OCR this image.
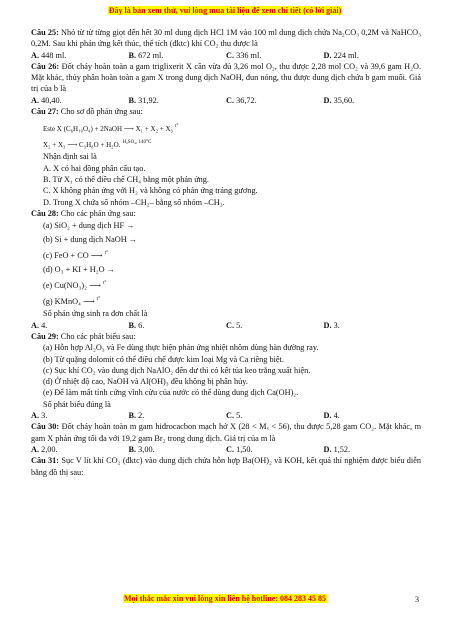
Đây là bản xem thử, vui lòng mua tài liệu để xem chi tiết (có lời giải)

Câu 25: Nhỏ từ từ từng giọt đến hết 30 ml dung dịch HCl 1M vào 100 ml dung dịch chứa Na₂CO₃ 0,2M và NaHCO₃ 0,2M. Sau khi phản ứng kết thúc, thể tích (đktc) khí CO₂ thu được là

A. 448 ml.	B. 672 ml.	C. 336 ml.	D. 224 ml.

Câu 26: Đốt cháy hoàn toàn a gam triglixerit X cần vừa đủ 3,26 mol O₂, thu được 2,28 mol CO₂ và 39,6 gam H₂O. Mặt khác, thủy phân hoàn toàn a gam X trong dung dịch NaOH, đun nóng, thu được dung dịch chứa b gam muối. Giá trị của b là

A. 40,40.	B. 31,92.	C. 36,72.	D. 35,60.

Câu 27: Cho sơ đồ phản ứng sau:

Este X (C₆H₁₀O₄) + 2NaOH ⟶ X₁ + X₂ + X₃ $^{t^\circ}$

X₂ + X₃ ⟶ C₃H₈O + H₂O. $^{H_2SO_4, 140^\circ C}$

Nhận định sai là

A. X có hai đồng phân cấu tạo.

B. Từ X₁ có thể điều chế CH₄ bằng một phản ứng.

C. X không phản ứng với H₂ và không có phản ứng tráng gương.

D. Trong X chứa số nhóm –CH₂– bằng số nhóm –CH₃.

Câu 28: Cho các phản ứng sau:

(a) SiO₂ + dung dịch HF →

(b) Si + dung dịch NaOH →

(c) FeO + CO ⟶ $^{t^\circ}$

(d) O₃ + KI + H₂O →

(e) Cu(NO₃)₂ ⟶ $^{t^\circ}$

(g) KMnO₄ ⟶ $^{t^\circ}$

Số phản ứng sinh ra đơn chất là

A. 4.	B. 6.	C. 5.	D. 3.

Câu 29: Cho các phát biểu sau:

(a) Hỗn hợp Al₂O₃ và Fe dùng thực hiện phản ứng nhiệt nhôm dùng hàn đường ray.

(b) Từ quặng dolomit có thể điều chế được kim loại Mg và Ca riêng biệt.

(c) Sục khí CO₂ vào dung dịch NaAlO₂ đến dư thì có kết tủa keo trắng xuất hiện.

(d) Ở nhiệt độ cao, NaOH và Al(OH)₃ đều không bị phân hủy.

(e) Để làm mất tính cứng vĩnh cửu của nước có thể dùng dung dịch Ca(OH)₂.

Số phát biểu đúng là

A. 3.	B. 2.	C. 5.	D. 4.

Câu 30: Đốt cháy hoàn toàn m gam hiđrocacbon mạch hở X (28 < Mₓ < 56), thu được 5,28 gam CO₂. Mặt khác, m gam X phản ứng tối đa với 19,2 gam Br₂ trong dung dịch. Giá trị của m là

A. 2,00.	B. 3,00.	C. 1,50.	D. 1,52.

Câu 31: Sục V lít khí CO₂ (đktc) vào dung dịch chứa hỗn hợp Ba(OH)₂ và KOH, kết quả thí nghiệm được biểu diễn bằng đồ thị sau:

Mọi thắc mắc xin vui lòng xin liên hệ hotline: 084 283 45 85	3
